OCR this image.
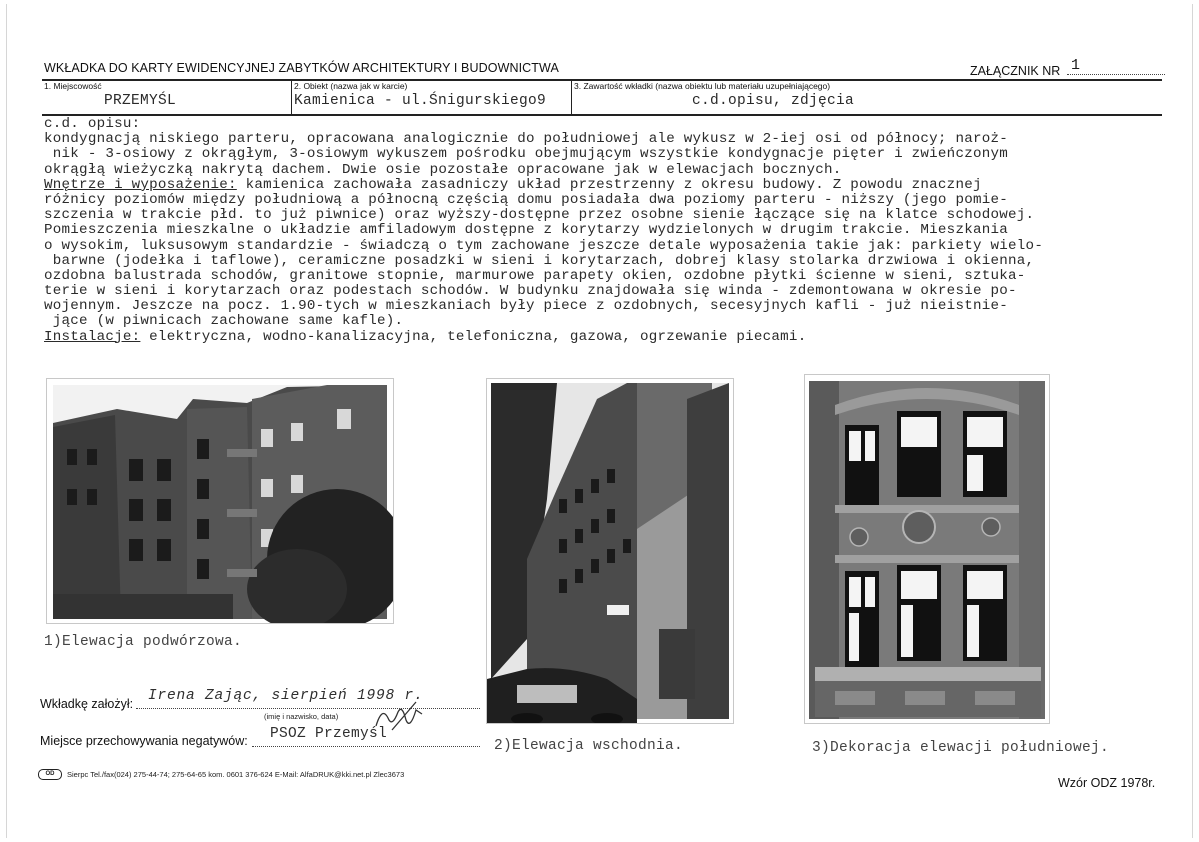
WKŁADKA DO KARTY EWIDENCYJNEJ ZABYTKÓW ARCHITEKTURY I BUDOWNICTWA	ZAŁĄCZNIK NR 1
1. Miejscowość
PRZEMYŚL
2. Obiekt (nazwa jak w karcie)
Kamienica - ul.Śnigurskiego9
3. Zawartość wkładki (nazwa obiektu lub materiału uzupełniającego)
c.d.opisu, zdjęcia
c.d. opisu:
kondygnacją niskiego parteru, opracowana analogicznie do południowej ale wykusz w 2-iej osi od północy; naroż-
nik - 3-osiowy z okrągłym, 3-osiowym wykuszem pośrodku obejmującym wszystkie kondygnacje pięter i zwieńczonym
okrągłą wieżyczką nakrytą dachem. Dwie osie pozostałe opracowane jak w elewacjach bocznych.
Wnętrze i wyposażenie: kamienica zachowała zasadniczy układ przestrzenny z okresu budowy. Z powodu znacznej
różnicy poziomów między południową a północną częścią domu posiadała dwa poziomy parteru - niższy (jego pomie-
szczenia w trakcie płd. to już piwnice) oraz wyższy-dostępne przez osobne sienie łączące się na klatce schodowej.
Pomieszczenia mieszkalne o układzie amfiladowym dostępne z korytarzy wydzielonych w drugim trakcie. Mieszkania
o wysokim, luksusowym standardzie - świadczą o tym zachowane jeszcze detale wyposażenia takie jak: parkiety wielo-
barwne (jodełka i taflowe), ceramiczne posadzki w sieni i korytarzach, dobrej klasy stolarka drzwiowa i okienna,
ozdobna balustrada schodów, granitowe stopnie, marmurowe parapety okien, ozdobne płytki ścienne w sieni, sztuka-
terie w sieni i korytarzach oraz podestach schodów. W budynku znajdowała się winda - zdemontowana w okresie po-
wojennym. Jeszcze na pocz. 1.90-tych w mieszkaniach były piece z ozdobnych, secesyjnych kafli - już nieistnie-
jące (w piwnicach zachowane same kafle).
Instalacje: elektryczna, wodno-kanalizacyjna, telefoniczna, gazowa, ogrzewanie piecami.
1)Elewacja podwórzowa.
2)Elewacja wschodnia.	3)Dekoracja elewacji południowej.
Wkładkę założył: Irena Zając, sierpień 1998 r.
(imię i nazwisko, data)
Miejsce przechowywania negatywów: PSOZ Przemyśl
OD	Sierpc Tel./fax(024) 275-44-74; 275-64-65 kom. 0601 376-624 E-Mail: AlfaDRUK@kki.net.pl Zlec3673
Wzór ODZ 1978r.
